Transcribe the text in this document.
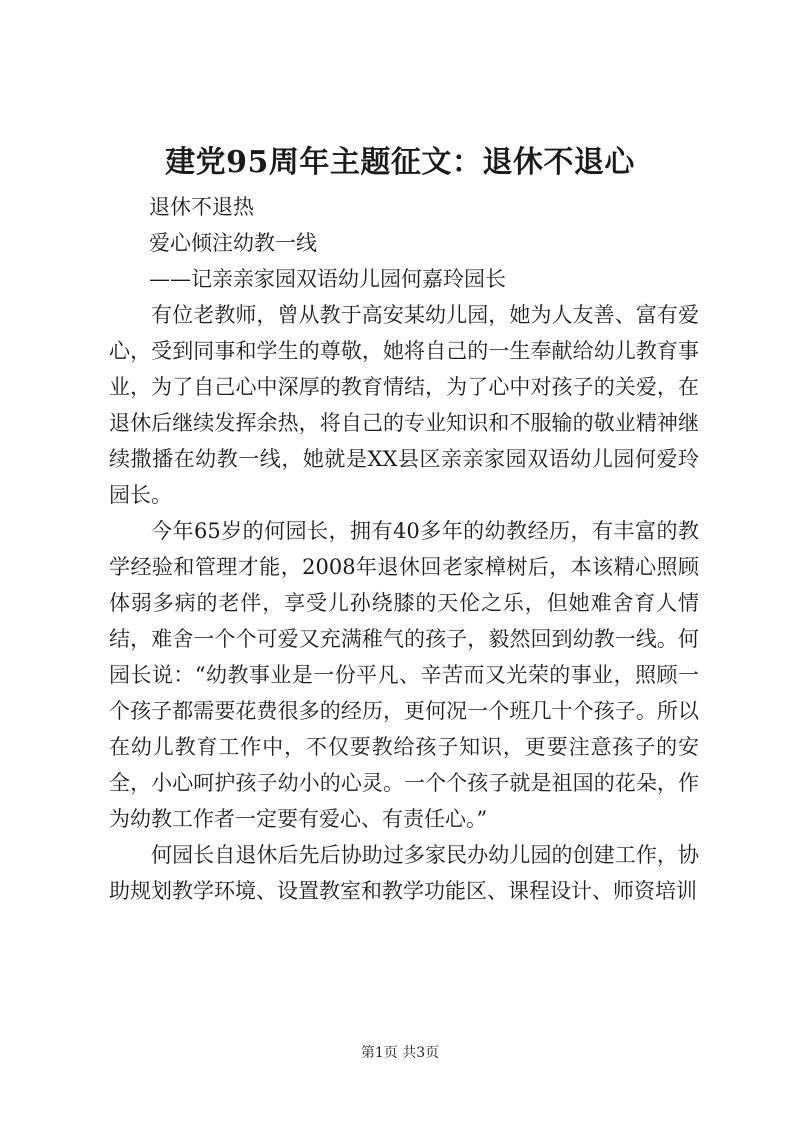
建党95周年主题征文：退休不退心

退休不退热

爱心倾注幼教一线

——记亲亲家园双语幼儿园何嘉玲园长

有位老教师，曾从教于高安某幼儿园，她为人友善、富有爱心，受到同事和学生的尊敬，她将自己的一生奉献给幼儿教育事业，为了自己心中深厚的教育情结，为了心中对孩子的关爱，在退休后继续发挥余热，将自己的专业知识和不服输的敬业精神继续撒播在幼教一线，她就是XX县区亲亲家园双语幼儿园何爱玲园长。

今年65岁的何园长，拥有40多年的幼教经历，有丰富的教学经验和管理才能，2008年退休回老家樟树后，本该精心照顾体弱多病的老伴，享受儿孙绕膝的天伦之乐，但她难舍育人情结，难舍一个个可爱又充满稚气的孩子，毅然回到幼教一线。何园长说：“幼教事业是一份平凡、辛苦而又光荣的事业，照顾一个孩子都需要花费很多的经历，更何况一个班几十个孩子。所以在幼儿教育工作中，不仅要教给孩子知识，更要注意孩子的安全，小心呵护孩子幼小的心灵。一个个孩子就是祖国的花朵，作为幼教工作者一定要有爱心、有责任心。”

何园长自退休后先后协助过多家民办幼儿园的创建工作，协助规划教学环境、设置教室和教学功能区、课程设计、师资培训

第1页 共3页
